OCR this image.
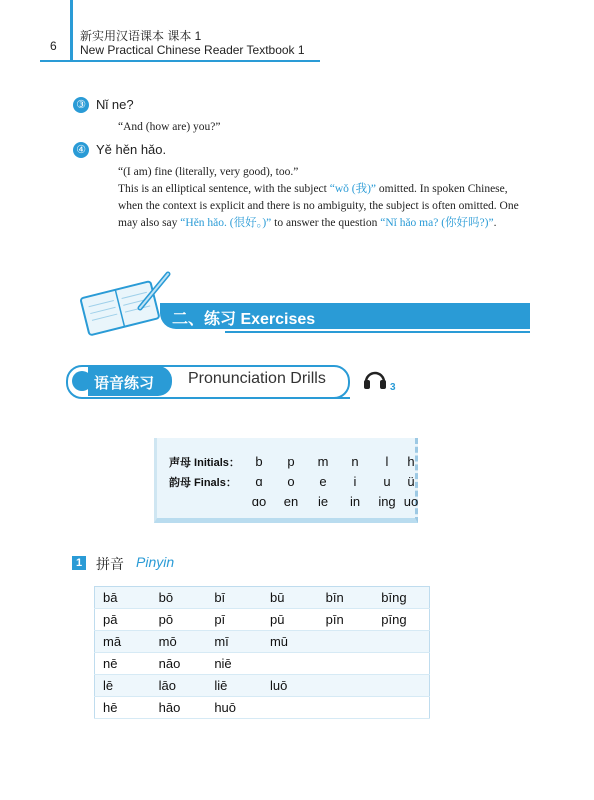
6
新实用汉语课本 课本 1
New Practical Chinese Reader Textbook 1
③ Nǐ ne?
“And (how are) you?”
④ Yě hěn hǎo.
“(I am) fine (literally, very good), too.”
This is an elliptical sentence, with the subject “wǒ (我)” omitted. In spoken Chinese, when the context is explicit and there is no ambiguity, the subject is often omitted. One may also say “Hěn hǎo. (很好。)” to answer the question “Nǐ hǎo ma? (你好吗?)”.
二、练习 Exercises
语音练习 Pronunciation Drills
3
声母 Initials：	b	p	m	n	l	h
韵母 Finals：	ɑ	o	e	i	u	ü
ɑo	en	ie	in	ing uo
1 拼音 Pinyin
bā	bō	bī	bū	bīn	bīng
pā	pō	pī	pū	pīn	pīng
mā	mō	mī	mū		
nē	nāo	niē			
lē	lāo	liē	luō		
hē	hāo	huō			
